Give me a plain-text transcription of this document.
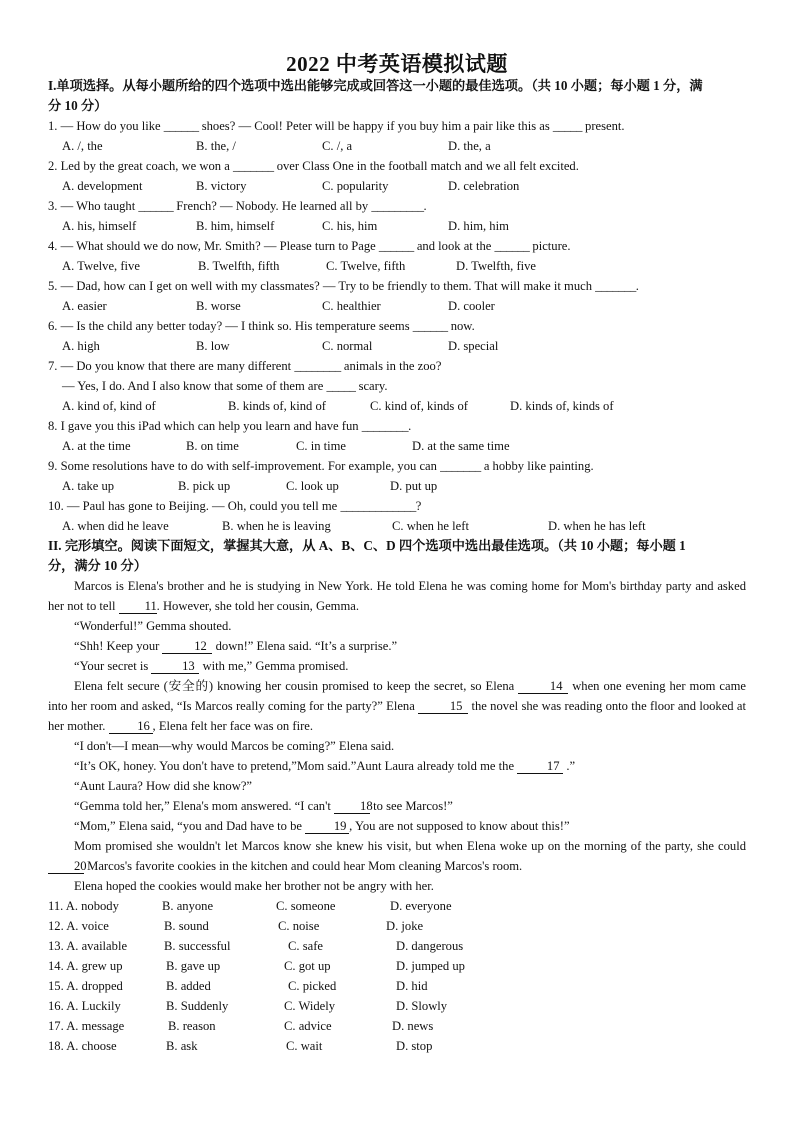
2022 中考英语模拟试题
I.单项选择。从每小题所给的四个选项中选出能够完成或回答这一小题的最佳选项。（共 10 小题；每小题 1 分，满
分 10 分）
1. — How do you like ______ shoes? — Cool! Peter will be happy if you buy him a pair like this as _____ present.
A. /, the	B. the, /	C. /, a	D. the, a
2. Led by the great coach, we won a _______ over Class One in the football match and we all felt excited.
A. development	B. victory	C. popularity	D. celebration
3. — Who taught ______ French? — Nobody. He learned all by _________.
A. his, himself	B. him, himself	C. his, him	D. him, him
4. — What should we do now, Mr. Smith? — Please turn to Page ______ and look at the ______ picture.
A. Twelve, five	B. Twelfth, fifth	C. Twelve, fifth	D. Twelfth, five
5. — Dad, how can I get on well with my classmates? — Try to be friendly to them. That will make it much _______.
A. easier	B. worse	C. healthier	D. cooler
6. — Is the child any better today? — I think so. His temperature seems ______ now.
A. high	B. low	C. normal	D. special
7. — Do you know that there are many different ________ animals in the zoo?
— Yes, I do. And I also know that some of them are _____ scary.
A. kind of, kind of	B. kinds of, kind of	C. kind of, kinds of	D. kinds of, kinds of
8. I gave you this iPad which can help you learn and have fun ________.
A. at the time	B. on time	C. in time	D. at the same time
9. Some resolutions have to do with self-improvement. For example, you can _______ a hobby like painting.
A. take up	B. pick up	C. look up	D. put up
10. — Paul has gone to Beijing. — Oh, could you tell me _____________?
A. when did he leave	B. when he is leaving	C. when he left	D. when he has left
II. 完形填空。阅读下面短文，掌握其大意，从 A、B、C、D 四个选项中选出最佳选项。（共 10 小题；每小题 1
分，满分 10 分）
Marcos is Elena's brother and he is studying in New York. He told Elena he was coming home for Mom's birthday party and asked her not to tell 11. However, she told her cousin, Gemma.
“Wonderful!” Gemma shouted.
“Shh! Keep your	12 down!” Elena said. “It’s a surprise.”
“Your secret is 13 with me,” Gemma promised.
Elena felt secure (安全的) knowing her cousin promised to keep the secret, so Elena	14 when one evening her mom came into her room and asked, “Is Marcos really coming for the party?” Elena	15 the novel she was reading onto the floor and looked at her mother. 16 , Elena felt her face was on fire.
“I don't—I mean—why would Marcos be coming?” Elena said.
“It’s OK, honey. You don't have to pretend,”Mom said.”Aunt Laura already told me the 17 .”
“Aunt Laura? How did she know?”
“Gemma told her,” Elena's mom answered. “I can't 18 to see Marcos!”
“Mom,” Elena said, “you and Dad have to be 19 , You are not supposed to know about this!”
Mom promised she wouldn't let Marcos know she knew his visit, but when Elena woke up on the morning of the party, she could 20 Marcos's favorite cookies in the kitchen and could hear Mom cleaning Marcos's room.
Elena hoped the cookies would make her brother not be angry with her.
11. A. nobody	B. anyone	C. someone	D. everyone
12. A. voice	B. sound	C. noise	D. joke
13. A. available	B. successful	C. safe	D. dangerous
14. A. grew up	B. gave up	C. got up	D. jumped up
15. A. dropped	B. added	C. picked	D. hid
16. A. Luckily	B. Suddenly	C. Widely	D. Slowly
17. A. message	B. reason	C. advice	D. news
18. A. choose	B. ask	C. wait	D. stop
